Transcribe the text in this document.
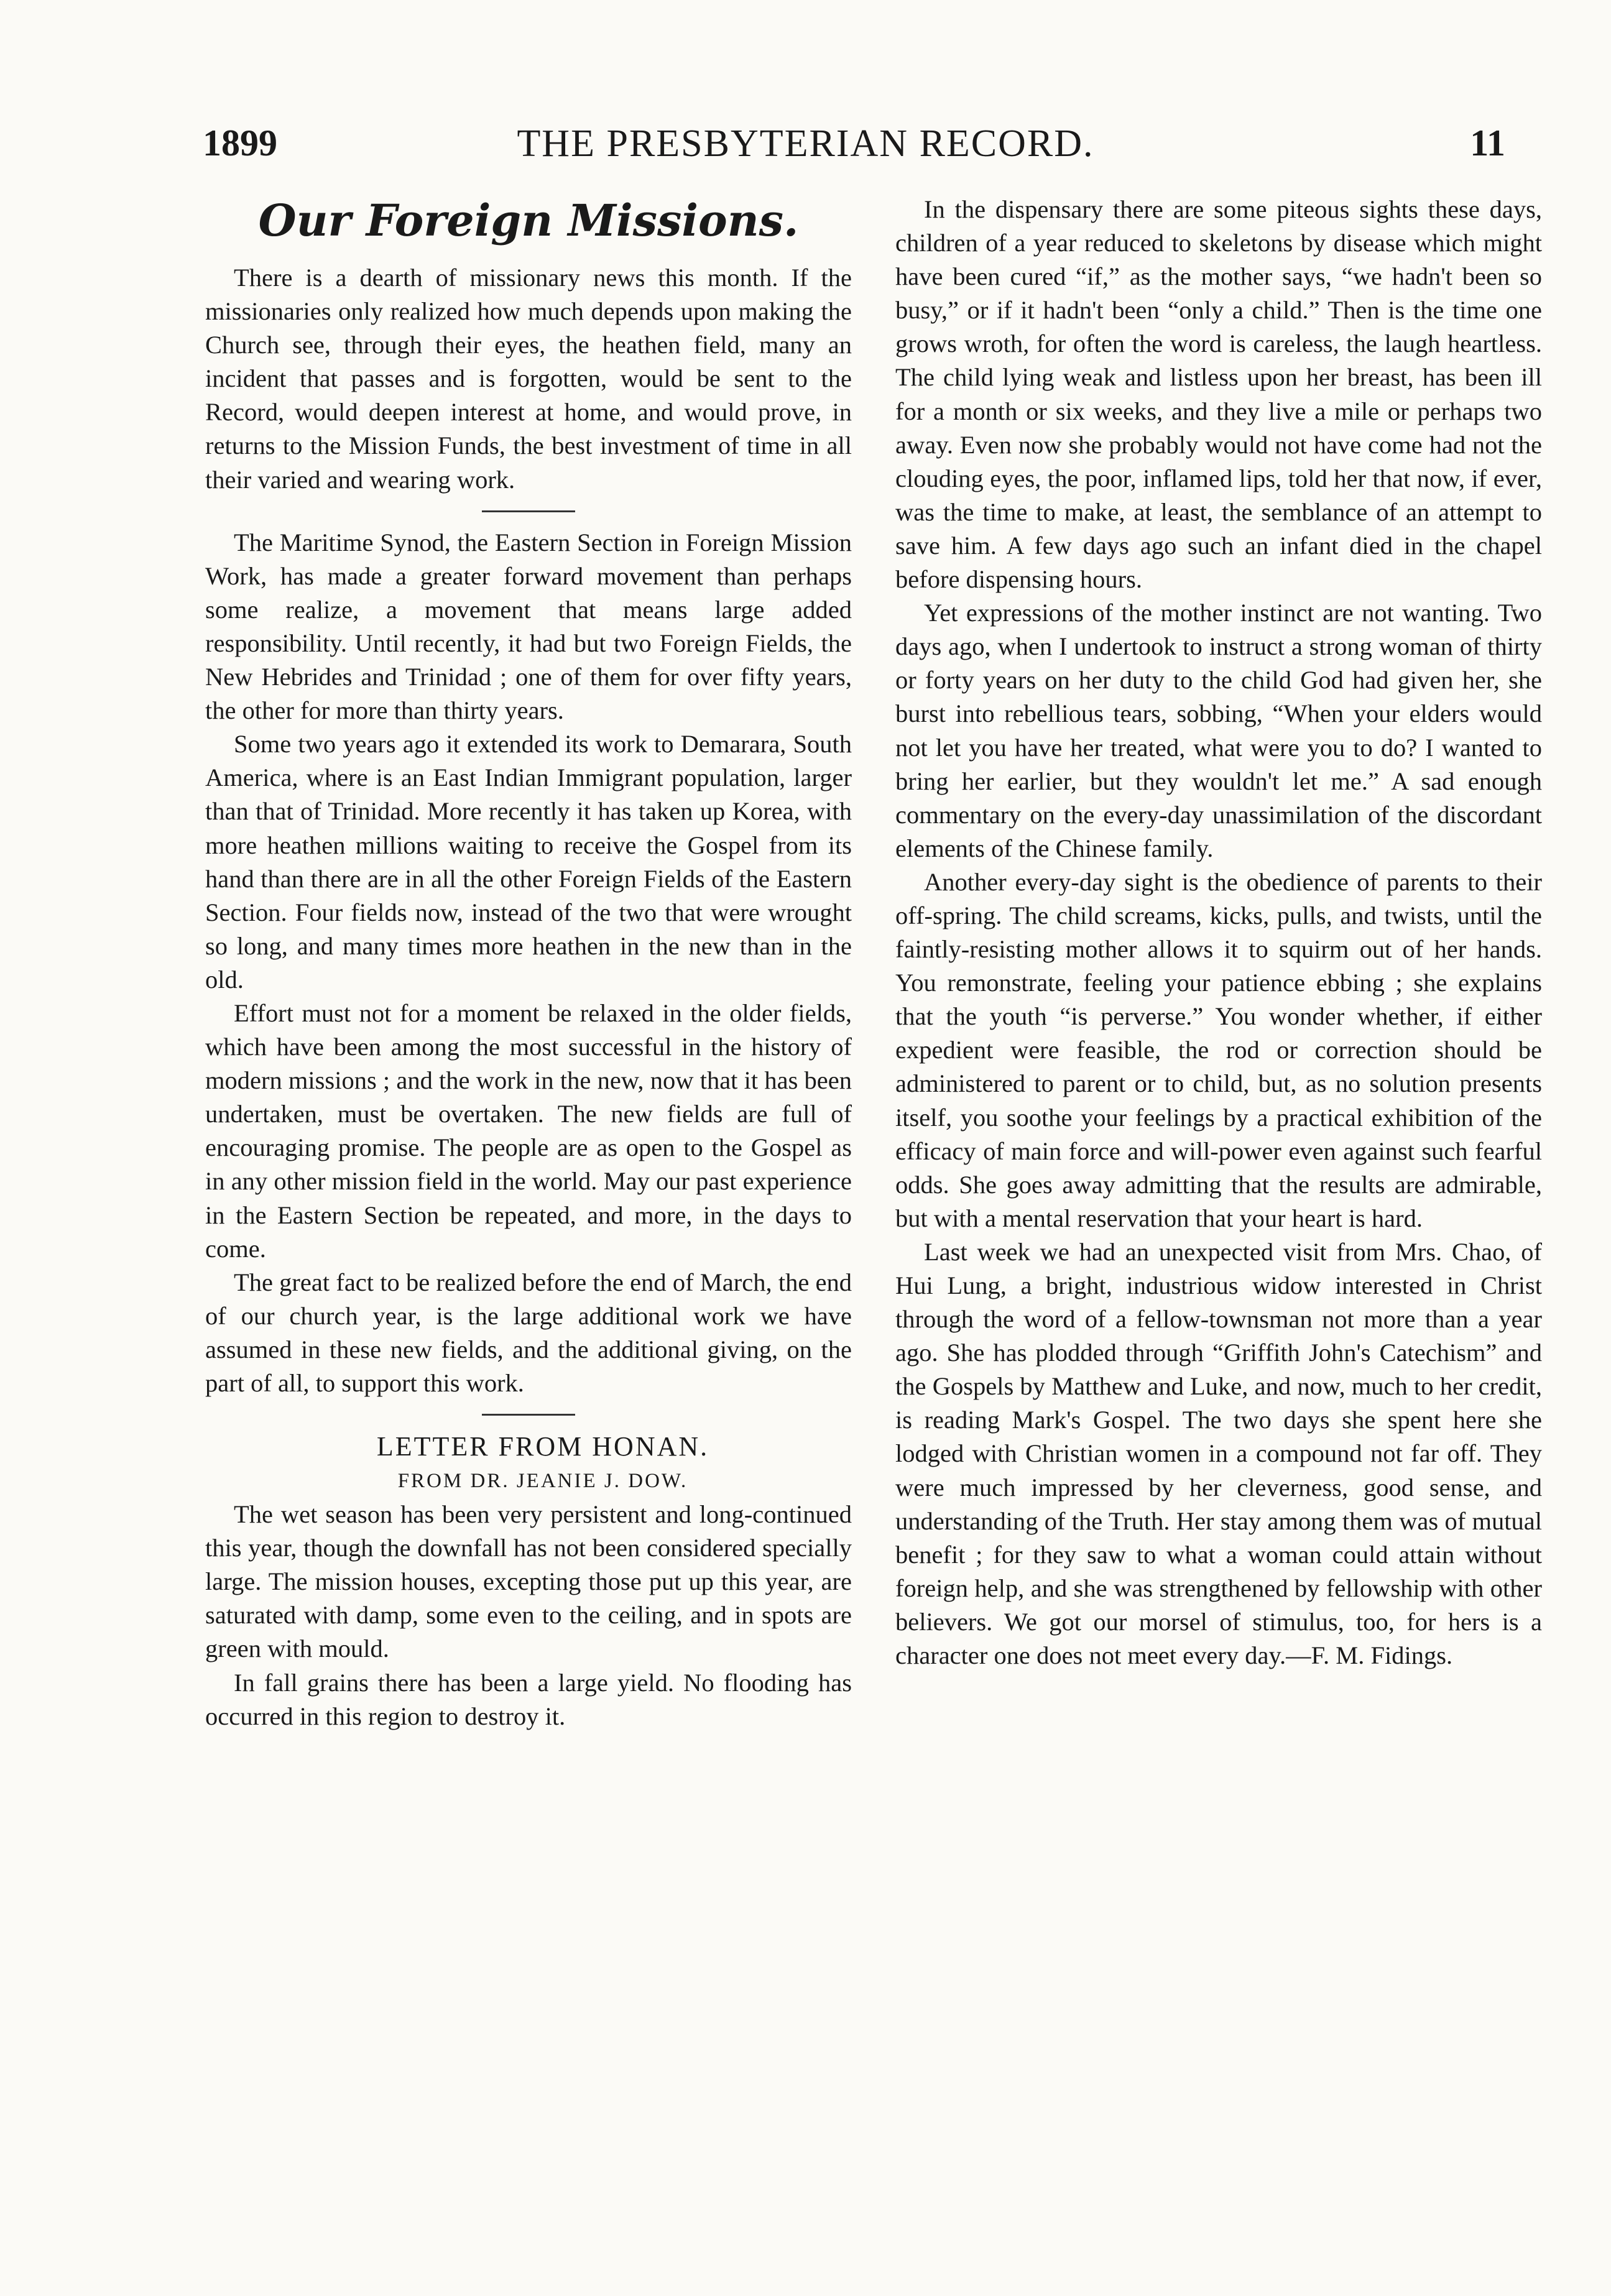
1899	THE PRESBYTERIAN RECORD.	11
Our Foreign Missions.

There is a dearth of missionary news this month. If the missionaries only realized how much depends upon making the Church see, through their eyes, the heathen field, many an incident that passes and is forgotten, would be sent to the Record, would deepen interest at home, and would prove, in returns to the Mission Funds, the best investment of time in all their varied and wearing work.

The Maritime Synod, the Eastern Section in Foreign Mission Work, has made a greater forward movement than perhaps some realize, a movement that means large added responsibility. Until recently, it had but two Foreign Fields, the New Hebrides and Trinidad ; one of them for over fifty years, the other for more than thirty years.

Some two years ago it extended its work to Demarara, South America, where is an East Indian Immigrant population, larger than that of Trinidad. More recently it has taken up Korea, with more heathen millions waiting to receive the Gospel from its hand than there are in all the other Foreign Fields of the Eastern Section. Four fields now, instead of the two that were wrought so long, and many times more heathen in the new than in the old.

Effort must not for a moment be relaxed in the older fields, which have been among the most successful in the history of modern missions ; and the work in the new, now that it has been undertaken, must be overtaken. The new fields are full of encouraging promise. The people are as open to the Gospel as in any other mission field in the world. May our past experience in the Eastern Section be repeated, and more, in the days to come.

The great fact to be realized before the end of March, the end of our church year, is the large additional work we have assumed in these new fields, and the additional giving, on the part of all, to support this work.

LETTER FROM HONAN.

FROM DR. JEANIE J. DOW.

The wet season has been very persistent and long-continued this year, though the downfall has not been considered specially large. The mission houses, excepting those put up this year, are saturated with damp, some even to the ceiling, and in spots are green with mould.

In fall grains there has been a large yield. No flooding has occurred in this region to destroy it.

In the dispensary there are some piteous sights these days, children of a year reduced to skeletons by disease which might have been cured “if,” as the mother says, “we hadn't been so busy,” or if it hadn't been “only a child.” Then is the time one grows wroth, for often the word is careless, the laugh heartless. The child lying weak and listless upon her breast, has been ill for a month or six weeks, and they live a mile or perhaps two away. Even now she probably would not have come had not the clouding eyes, the poor, inflamed lips, told her that now, if ever, was the time to make, at least, the semblance of an attempt to save him. A few days ago such an infant died in the chapel before dispensing hours.

Yet expressions of the mother instinct are not wanting. Two days ago, when I undertook to instruct a strong woman of thirty or forty years on her duty to the child God had given her, she burst into rebellious tears, sobbing, “When your elders would not let you have her treated, what were you to do? I wanted to bring her earlier, but they wouldn't let me.” A sad enough commentary on the every-day unassimilation of the discordant elements of the Chinese family.

Another every-day sight is the obedience of parents to their off-spring. The child screams, kicks, pulls, and twists, until the faintly-resisting mother allows it to squirm out of her hands. You remonstrate, feeling your patience ebbing ; she explains that the youth “is perverse.” You wonder whether, if either expedient were feasible, the rod or correction should be administered to parent or to child, but, as no solution presents itself, you soothe your feelings by a practical exhibition of the efficacy of main force and will-power even against such fearful odds. She goes away admitting that the results are admirable, but with a mental reservation that your heart is hard.

Last week we had an unexpected visit from Mrs. Chao, of Hui Lung, a bright, industrious widow interested in Christ through the word of a fellow-townsman not more than a year ago. She has plodded through “Griffith John's Catechism” and the Gospels by Matthew and Luke, and now, much to her credit, is reading Mark's Gospel. The two days she spent here she lodged with Christian women in a compound not far off. They were much impressed by her cleverness, good sense, and understanding of the Truth. Her stay among them was of mutual benefit ; for they saw to what a woman could attain without foreign help, and she was strengthened by fellowship with other believers. We got our morsel of stimulus, too, for hers is a character one does not meet every day.—F. M. Fidings.
